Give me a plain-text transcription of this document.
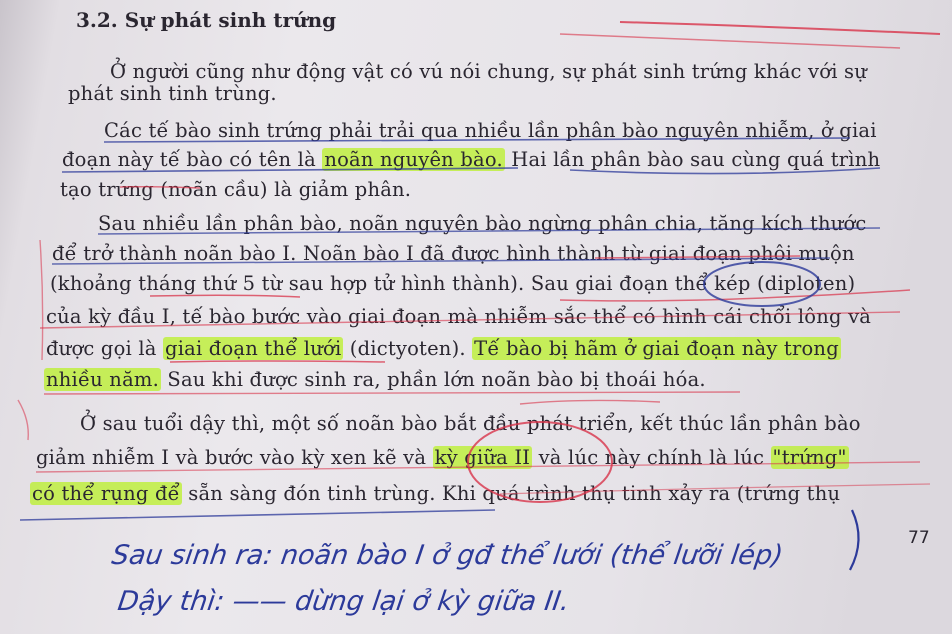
3.2. Sự phát sinh trứng
Ở người cũng như động vật có vú nói chung, sự phát sinh trứng khác với sự
phát sinh tinh trùng.
Các tế bào sinh trứng phải trải qua nhiều lần phân bào nguyên nhiễm, ở giai
đoạn này tế bào có tên là noãn nguyên bào. Hai lần phân bào sau cùng quá trình
tạo trứng (noãn cầu) là giảm phân.
Sau nhiều lần phân bào, noãn nguyên bào ngừng phân chia, tăng kích thước
để trở thành noãn bào I. Noãn bào I đã được hình thành từ giai đoạn phôi muộn
(khoảng tháng thứ 5 từ sau hợp tử hình thành). Sau giai đoạn thể kép (diploten)
của kỳ đầu I, tế bào bước vào giai đoạn mà nhiễm sắc thể có hình cái chổi lông và
được gọi là giai đoạn thể lưới (dictyoten). Tế bào bị hãm ở giai đoạn này trong
nhiều năm. Sau khi được sinh ra, phần lớn noãn bào bị thoái hóa.
Ở sau tuổi dậy thì, một số noãn bào bắt đầu phát triển, kết thúc lần phân bào
giảm nhiễm I và bước vào kỳ xen kẽ và kỳ giữa II và lúc này chính là lúc "trứng"
có thể rụng để sẵn sàng đón tinh trùng. Khi quá trình thụ tinh xảy ra (trứng thụ
77
Sau sinh ra: noãn bào I ở gđ thể lưới (thể lưỡi lép)
Dậy thì: —— dừng lại ở kỳ giữa II.
